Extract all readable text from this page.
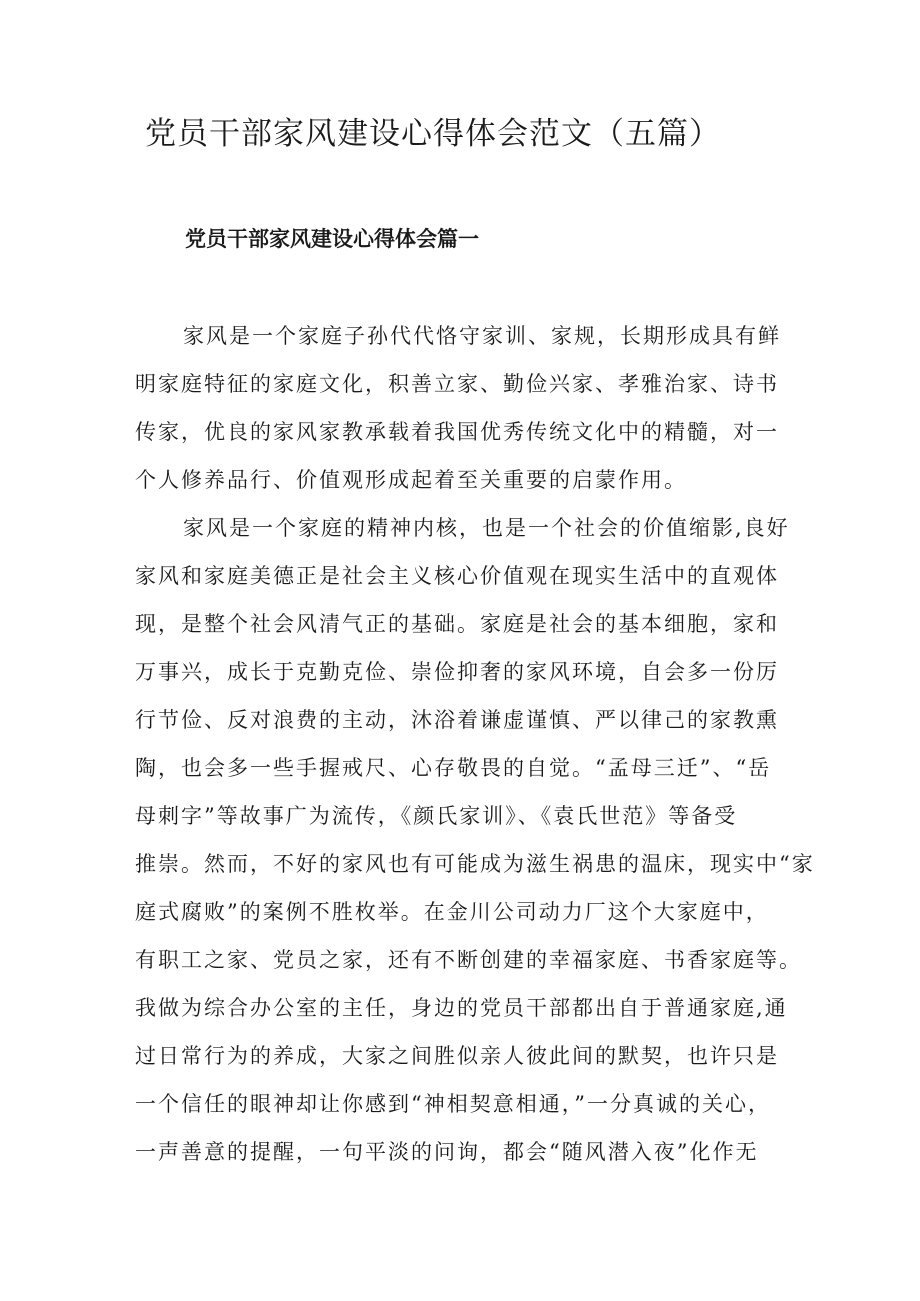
党员干部家风建设心得体会范文（五篇）
党员干部家风建设心得体会篇一

家风是一个家庭子孙代代恪守家训、家规，长期形成具有鲜
明家庭特征的家庭文化，积善立家、勤俭兴家、孝雅治家、诗书
传家，优良的家风家教承载着我国优秀传统文化中的精髓，对一
个人修养品行、价值观形成起着至关重要的启蒙作用。

家风是一个家庭的精神内核，也是一个社会的价值缩影,良好
家风和家庭美德正是社会主义核心价值观在现实生活中的直观体
现，是整个社会风清气正的基础。家庭是社会的基本细胞，家和
万事兴，成长于克勤克俭、崇俭抑奢的家风环境，自会多一份厉
行节俭、反对浪费的主动，沐浴着谦虚谨慎、严以律己的家教熏
陶，也会多一些手握戒尺、心存敬畏的自觉。“孟母三迁”、“岳
母刺字”等故事广为流传，《颜氏家训》、《袁氏世范》等备受
推崇。然而，不好的家风也有可能成为滋生祸患的温床，现实中“家
庭式腐败”的案例不胜枚举。在金川公司动力厂这个大家庭中，
有职工之家、党员之家，还有不断创建的幸福家庭、书香家庭等。
我做为综合办公室的主任，身边的党员干部都出自于普通家庭,通
过日常行为的养成，大家之间胜似亲人彼此间的默契，也许只是
一个信任的眼神却让你感到“神相契意相通，”一分真诚的关心，
一声善意的提醒，一句平淡的问询，都会“随风潜入夜”化作无
